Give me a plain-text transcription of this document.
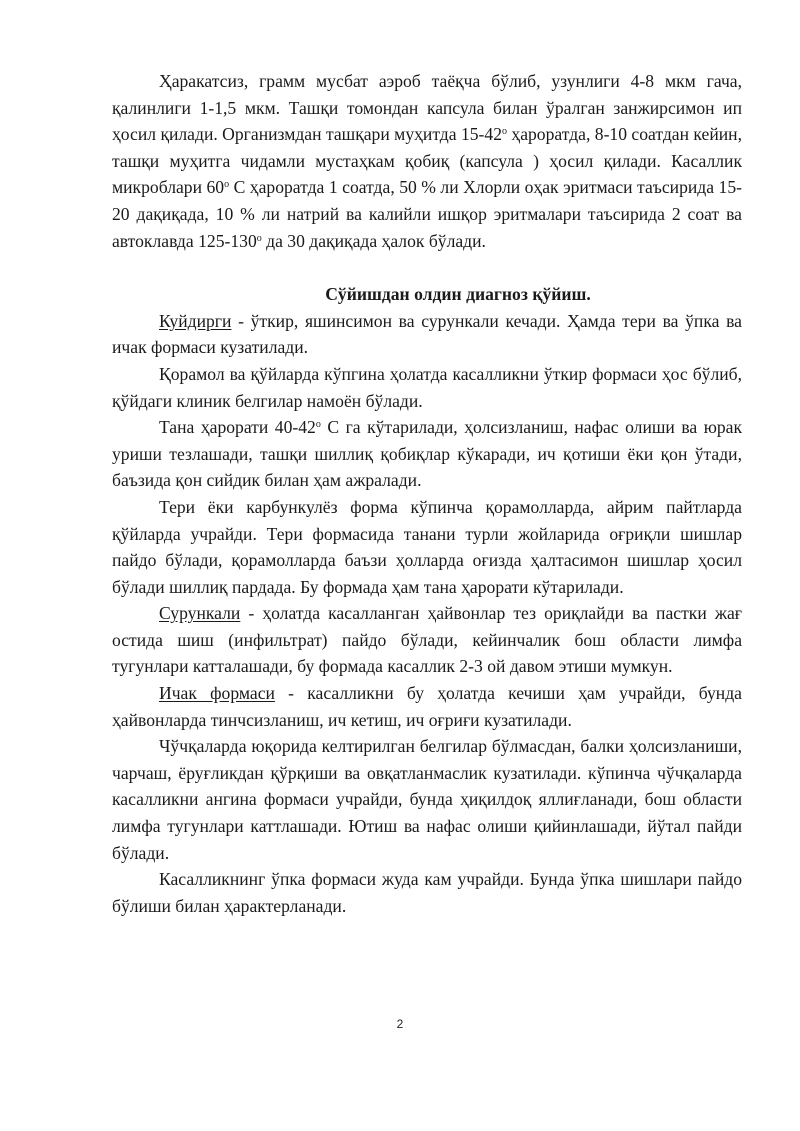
Ҳаракатсиз, грамм мусбат аэроб таёқча бўлиб, узунлиги 4-8 мкм гача, қалинлиги 1-1,5 мкм. Ташқи томондан капсула билан ўралган занжирсимон ип ҳосил қилади. Организмдан ташқари муҳитда $15-42^о$ ҳароратда, 8-10 соатдан кейин, ташқи муҳитга чидамли мустаҳкам қобиқ (капсула ) ҳосил қилади. Касаллик микроблари $60^о$ С ҳароратда 1 соатда, 50 % ли Хлорли оҳак эритмаси таъсирида 15-20 дақиқада, 10 % ли натрий ва калийли ишқор эритмалари таъсирида 2 соат ва автоклавда $125-130^о$ да 30 дақиқада ҳалок бўлади.

Сўйишдан олдин диагноз қўйиш.

Куйдирги - ўткир, яшинсимон ва сурункали кечади. Ҳамда тери ва ўпка ва ичак формаси кузатилади.

Қорамол ва қўйларда кўпгина ҳолатда касалликни ўткир формаси ҳос бўлиб, қўйдаги клиник белгилар намоён бўлади.

Тана ҳарорати $40-42^о$ С га кўтарилади, ҳолсизланиш, нафас олиши ва юрак уриши тезлашади, ташқи шиллиқ қобиқлар кўкаради, ич қотиши ёки қон ўтади, баъзида қон сийдик билан ҳам ажралади.

Тери ёки карбункулёз форма кўпинча қорамолларда, айрим пайтларда қўйларда учрайди. Тери формасида танани турли жойларида оғриқли шишлар пайдо бўлади, қорамолларда баъзи ҳолларда оғизда ҳалтасимон шишлар ҳосил бўлади шиллиқ пардада. Бу формада ҳам тана ҳарорати кўтарилади.

Сурункали - ҳолатда касалланган ҳайвонлар тез ориқлайди ва пастки жағ остида шиш (инфильтрат) пайдо бўлади, кейинчалик бош области лимфа тугунлари катталашади, бу формада касаллик 2-3 ой давом этиши мумкун.

Ичак формаси - касалликни бу ҳолатда кечиши ҳам учрайди, бунда ҳайвонларда тинчсизланиш, ич кетиш, ич оғриғи кузатилади.

Чўчқаларда юқорида келтирилган белгилар бўлмасдан, балки ҳолсизланиши, чарчаш, ёруғликдан қўрқиши ва овқатланмаслик кузатилади. кўпинча чўчқаларда касалликни ангина формаси учрайди, бунда ҳиқилдоқ яллиғланади, бош области лимфа тугунлари каттлашади. Ютиш ва нафас олиши қийинлашади, йўтал пайди бўлади.

Касалликнинг ўпка формаси жуда кам учрайди. Бунда ўпка шишлари пайдо бўлиши билан ҳарактерланади.

2
